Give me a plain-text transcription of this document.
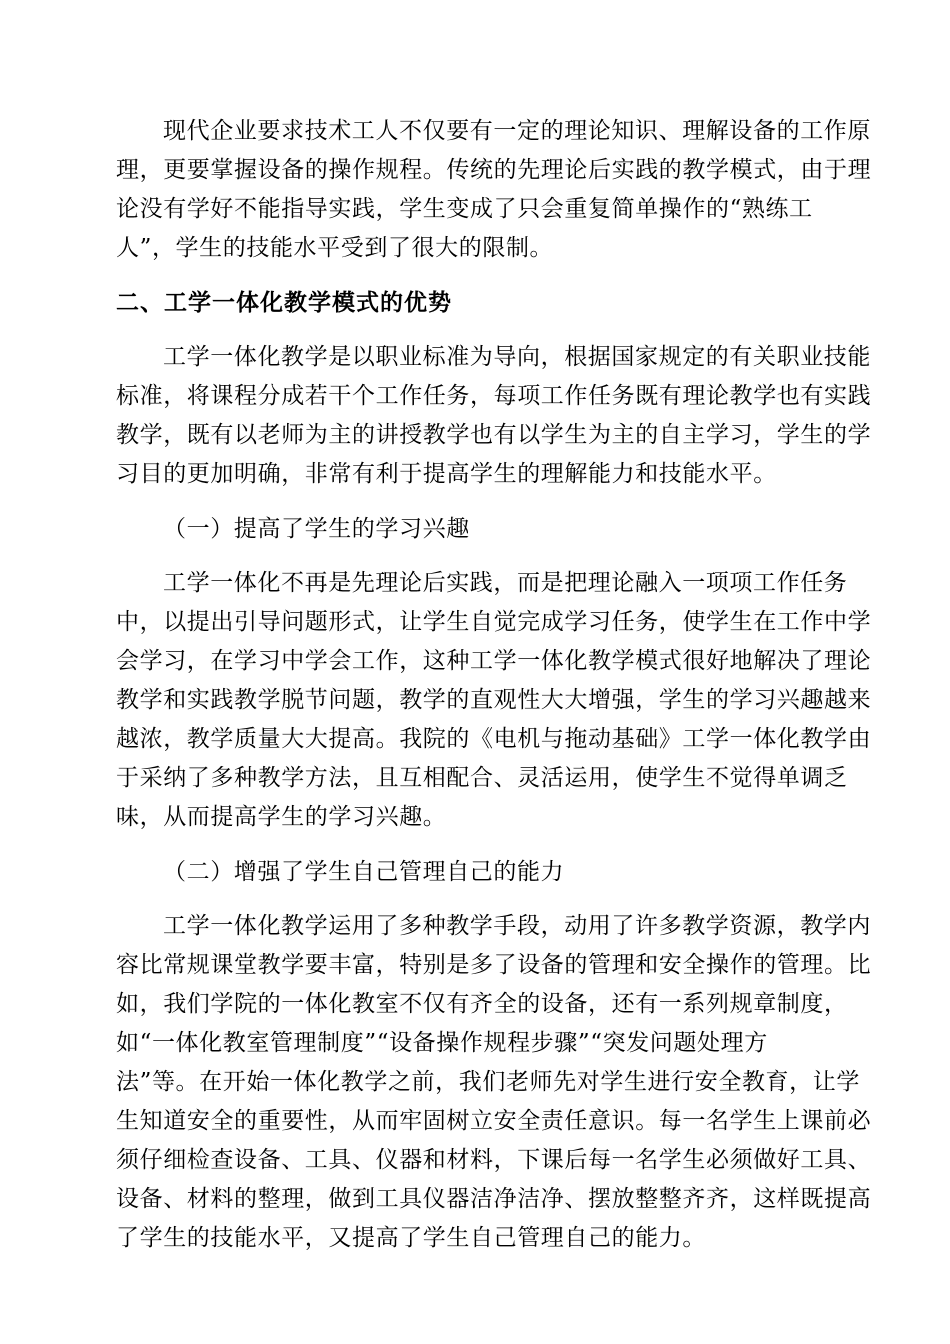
现代企业要求技术工人不仅要有一定的理论知识、理解设备的工作原
理，更要掌握设备的操作规程。传统的先理论后实践的教学模式，由于理
论没有学好不能指导实践，学生变成了只会重复简单操作的“熟练工
人”，学生的技能水平受到了很大的限制。
二、工学一体化教学模式的优势
工学一体化教学是以职业标准为导向，根据国家规定的有关职业技能
标准，将课程分成若干个工作任务，每项工作任务既有理论教学也有实践
教学，既有以老师为主的讲授教学也有以学生为主的自主学习，学生的学
习目的更加明确，非常有利于提高学生的理解能力和技能水平。
（一）提高了学生的学习兴趣
工学一体化不再是先理论后实践，而是把理论融入一项项工作任务
中，以提出引导问题形式，让学生自觉完成学习任务，使学生在工作中学
会学习，在学习中学会工作，这种工学一体化教学模式很好地解决了理论
教学和实践教学脱节问题，教学的直观性大大增强，学生的学习兴趣越来
越浓，教学质量大大提高。我院的《电机与拖动基础》工学一体化教学由
于采纳了多种教学方法，且互相配合、灵活运用，使学生不觉得单调乏
味，从而提高学生的学习兴趣。
（二）增强了学生自己管理自己的能力
工学一体化教学运用了多种教学手段，动用了许多教学资源，教学内
容比常规课堂教学要丰富，特别是多了设备的管理和安全操作的管理。比
如，我们学院的一体化教室不仅有齐全的设备，还有一系列规章制度，
如“一体化教室管理制度”“设备操作规程步骤”“突发问题处理方
法”等。在开始一体化教学之前，我们老师先对学生进行安全教育，让学
生知道安全的重要性，从而牢固树立安全责任意识。每一名学生上课前必
须仔细检查设备、工具、仪器和材料，下课后每一名学生必须做好工具、
设备、材料的整理，做到工具仪器洁净洁净、摆放整整齐齐，这样既提高
了学生的技能水平，又提高了学生自己管理自己的能力。
